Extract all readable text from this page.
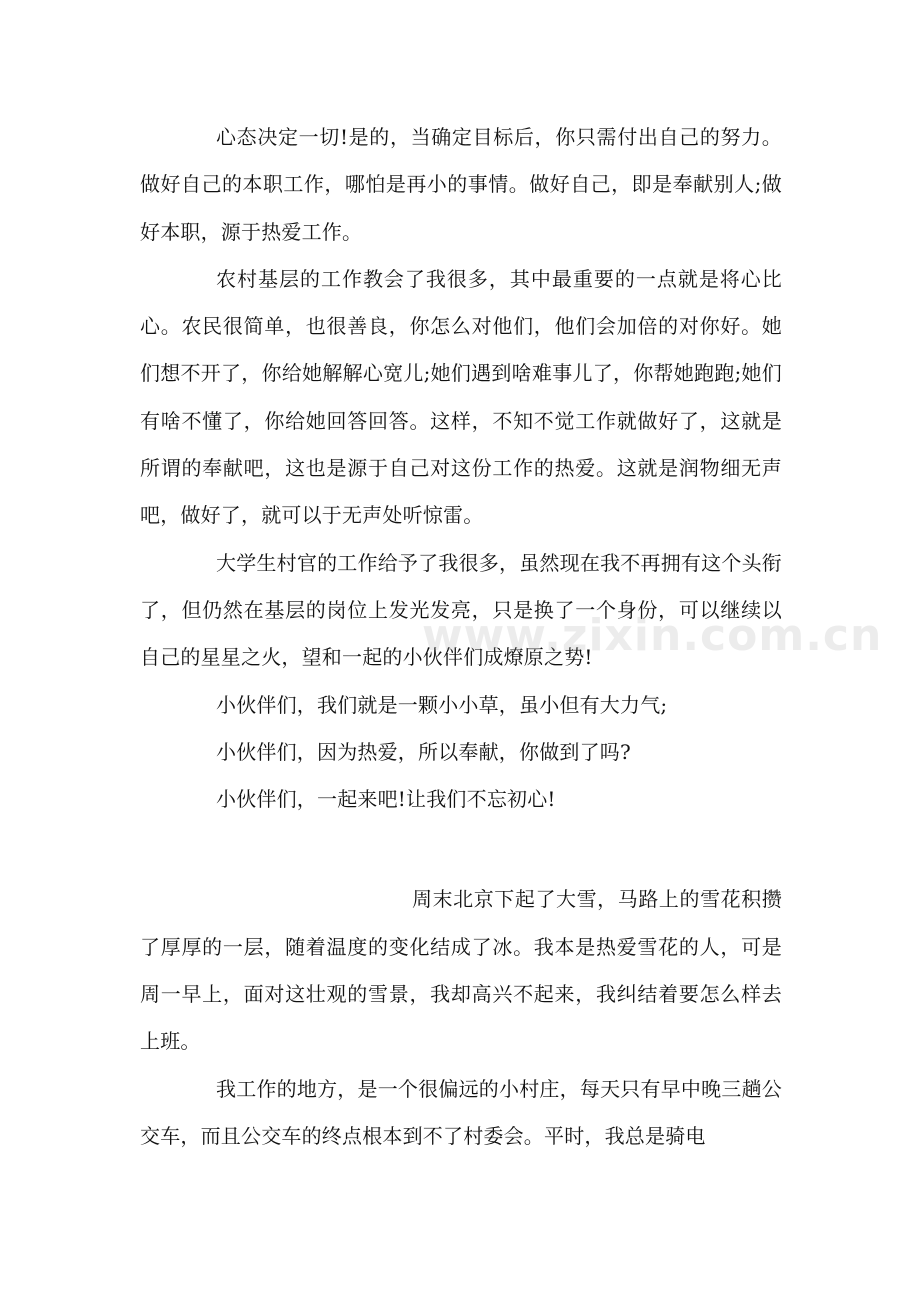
心态决定一切!是的，当确定目标后，你只需付出自己的努力。做好自己的本职工作，哪怕是再小的事情。做好自己，即是奉献别人;做好本职，源于热爱工作。

农村基层的工作教会了我很多，其中最重要的一点就是将心比心。农民很简单，也很善良，你怎么对他们，他们会加倍的对你好。她们想不开了，你给她解解心宽儿;她们遇到啥难事儿了，你帮她跑跑;她们有啥不懂了，你给她回答回答。这样，不知不觉工作就做好了，这就是所谓的奉献吧，这也是源于自己对这份工作的热爱。这就是润物细无声吧，做好了，就可以于无声处听惊雷。

大学生村官的工作给予了我很多，虽然现在我不再拥有这个头衔了，但仍然在基层的岗位上发光发亮，只是换了一个身份，可以继续以自己的星星之火，望和一起的小伙伴们成燎原之势!

小伙伴们，我们就是一颗小小草，虽小但有大力气;

小伙伴们，因为热爱，所以奉献，你做到了吗?

小伙伴们，一起来吧!让我们不忘初心!

周末北京下起了大雪，马路上的雪花积攒了厚厚的一层，随着温度的变化结成了冰。我本是热爱雪花的人，可是周一早上，面对这壮观的雪景，我却高兴不起来，我纠结着要怎么样去上班。

我工作的地方，是一个很偏远的小村庄，每天只有早中晚三趟公交车，而且公交车的终点根本到不了村委会。平时，我总是骑电

www.zixin.com.cn
